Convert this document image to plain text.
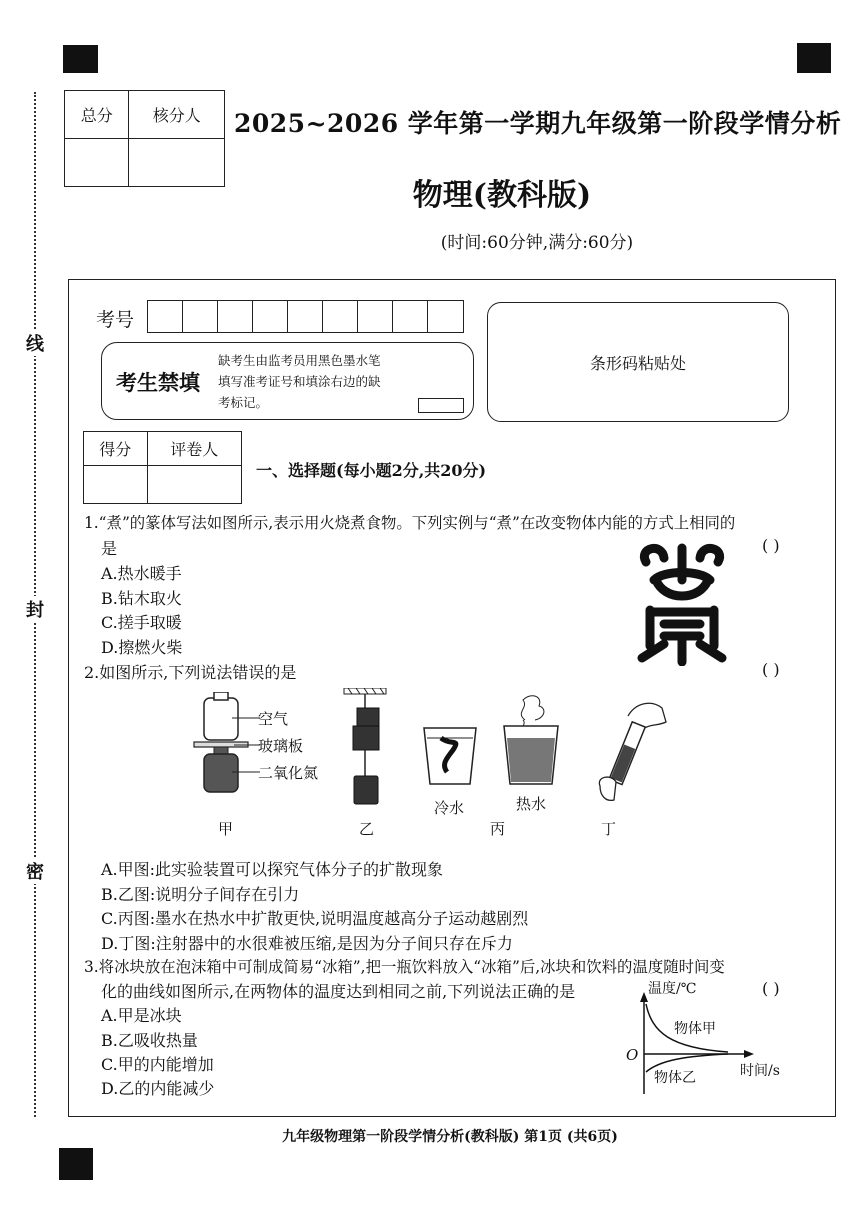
线
封
密
总分	核分人
	2025~2026 学年第一学期九年级第一阶段学情分析
物理(教科版)
(时间:60分钟,满分:60分)
考号
考生禁填
缺考生由监考员用黑色墨水笔
填写准考证号和填涂右边的缺
考标记。
条形码粘贴处
得分	评卷人

一、选择题(每小题2分,共20分)
1.“煮”的篆体写法如图所示,表示用火烧煮食物。下列实例与“煮”在改变物体内能的方式上相同的
是	( )
A.热水暖手
B.钻木取火
C.搓手取暖
D.擦燃火柴
2.如图所示,下列说法错误的是	( )
空气
玻璃板
二氧化氮
冷水	热水
甲	乙	丙	丁
A.甲图:此实验装置可以探究气体分子的扩散现象
B.乙图:说明分子间存在引力
C.丙图:墨水在热水中扩散更快,说明温度越高分子运动越剧烈
D.丁图:注射器中的水很难被压缩,是因为分子间只存在斥力
3.将冰块放在泡沫箱中可制成简易“冰箱”,把一瓶饮料放入“冰箱”后,冰块和饮料的温度随时间变
化的曲线如图所示,在两物体的温度达到相同之前,下列说法正确的是	( )
A.甲是冰块
B.乙吸收热量
C.甲的内能增加
D.乙的内能减少
温度/℃
O
物体甲
物体乙	时间/s
九年级物理第一阶段学情分析(教科版) 第1页 (共6页)
